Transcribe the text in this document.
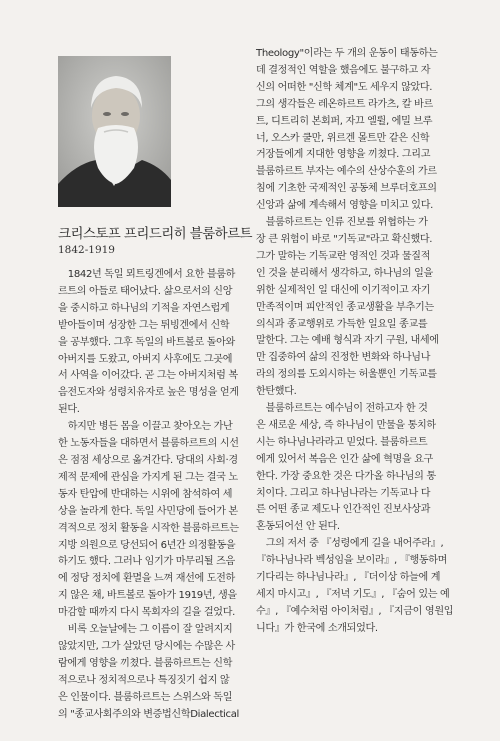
크리스토프 프리드리히 블룸하르트
1842-1919

　1842년 독일 뫼트링겐에서 요한 블룸하

르트의 아들로 태어났다. 삶으로서의 신앙

을 중시하고 하나님의 기적을 자연스럽게

받아들이며 성장한 그는 튀빙겐에서 신학

을 공부했다. 그후 독일의 바트볼로 돌아와

아버지를 도왔고, 아버지 사후에도 그곳에

서 사역을 이어갔다. 곧 그는 아버지처럼 복

음전도자와 성령치유자로 높은 명성을 얻게

된다.

　하지만 병든 몸을 이끌고 찾아오는 가난

한 노동자들을 대하면서 블룸하르트의 시선

은 점점 세상으로 옮겨간다. 당대의 사회·경

제적 문제에 관심을 가지게 된 그는 결국 노

동자 탄압에 반대하는 시위에 참석하여 세

상을 놀라게 한다. 독일 사민당에 들어가 본

격적으로 정치 활동을 시작한 블룸하르트는

지방 의원으로 당선되어 6년간 의정활동을

하기도 했다. 그러나 임기가 마무리될 즈음

에 정당 정치에 환멸을 느껴 재선에 도전하

지 않은 채, 바트볼로 돌아가 1919년, 생을

마감할 때까지 다시 목회자의 길을 걸었다.

　비록 오늘날에는 그 이름이 잘 알려지지

않았지만, 그가 살았던 당시에는 수많은 사

람에게 영향을 끼쳤다. 블룸하르트는 신학

적으로나 정치적으로나 특징짓기 쉽지 않

은 인물이다. 블룸하르트는 스위스와 독일

의 "종교사회주의와 변증법신학Dialectical

Theology"이라는 두 개의 운동이 태동하는

데 결정적인 역할을 했음에도 불구하고 자

신의 어떠한 "신학 체계"도 세우지 않았다.

그의 생각들은 레온하르트 라가츠, 칼 바르

트, 디트리히 본회퍼, 자끄 엘륄, 에밀 브루

너, 오스카 쿨만, 위르겐 몰트만 같은 신학

거장들에게 지대한 영향을 끼쳤다. 그리고

블룸하르트 부자는 예수의 산상수훈의 가르

침에 기초한 국제적인 공동체 브루더호프의

신앙과 삶에 계속해서 영향을 미치고 있다.

　블룸하르트는 인류 진보를 위협하는 가

장 큰 위험이 바로 "기독교"라고 확신했다.

그가 말하는 기독교란 영적인 것과 물질적

인 것을 분리해서 생각하고, 하나님의 일을

위한 실제적인 일 대신에 이기적이고 자기

만족적이며 피안적인 종교생활을 부추기는

의식과 종교행위로 가득한 일요일 종교를

말한다. 그는 예배 형식과 자기 구원, 내세에

만 집중하여 삶의 진정한 변화와 하나님나

라의 정의를 도외시하는 허울뿐인 기독교를

한탄했다.

　블룸하르트는 예수님이 전하고자 한 것

은 새로운 세상, 즉 하나님이 만물을 통치하

시는 하나님나라라고 믿었다. 블룸하르트

에게 있어서 복음은 인간 삶에 혁명을 요구

한다. 가장 중요한 것은 다가올 하나님의 통

치이다. 그리고 하나님나라는 기독교나 다

른 어떤 종교 제도나 인간적인 진보사상과

혼동되어선 안 된다.

　그의 저서 중 『성령에게 길을 내어주라』,

『하나님나라 벡성임을 보이라』, 『행동하며

기다리는 하나님나라』, 『더이상 하늘에 계

세지 마시고』, 『저녁 기도』, 『숨어 있는 예

수』, 『예수처럼 아이처럼』, 『지금이 영원입

니다』가 한국에 소개되었다.
